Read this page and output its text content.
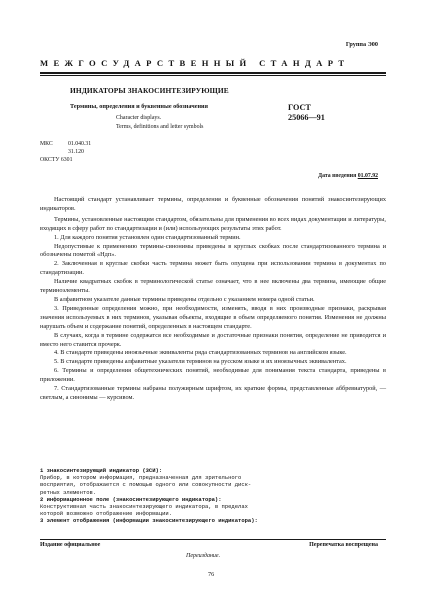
Группа Э00
МЕЖГОСУДАРСТВЕННЫЙ СТАНДАРТ
ИНДИКАТОРЫ ЗНАКОСИНТЕЗИРУЮЩИЕ
Термины, определения и буквенные обозначения
Character displays.
Terms, definitions and letter symbols
ГОСТ
25066—91
МКС	01.040.31
31.120
ОКСТУ 6301
Дата введения 01.07.92

Настоящий стандарт устанавливает термины, определения и буквенные обозначения понятий знакосинтезирующих индикаторов.

Термины, установленные настоящим стандартом, обязательны для применения во всех видах документации и литературы, входящих в сферу работ по стандартизации и (или) использующих результаты этих работ.

1. Для каждого понятия установлен один стандартизованный термин.

Недопустимые к применению термины-синонимы приведены в круглых скобках после стандартизованного термина и обозначены пометой «Ндп».

2. Заключенная в круглые скобки часть термина может быть опущена при использовании термина в документах по стандартизации.

Наличие квадратных скобок в терминологической статье означает, что в нее включены два термина, имеющие общие терминоэлементы.

В алфавитном указателе данные термины приведены отдельно с указанием номера одной статьи.

3. Приведенные определения можно, при необходимости, изменять, вводя в них производные признаки, раскрывая значения используемых в них терминов, указывая объекты, входящие в объем определяемого понятия. Изменения не должны нарушать объем и содержание понятий, определенных в настоящем стандарте.

В случаях, когда в термине содержатся все необходимые и достаточные признаки понятия, определение не приводится и вместо него ставится прочерк.

4. В стандарте приведены иноязычные эквиваленты ряда стандартизованных терминов на английском языке.

5. В стандарте приведены алфавитные указатели терминов на русском языке и их иноязычных эквивалентах.

6. Термины и определения общетехнических понятий, необходимые для понимания текста стандарта, приведены в приложении.

7. Стандартизованные термины набраны полужирным шрифтом, их краткие формы, представленные аббревиатурой, — светлым, а синонимы — курсивом.

1 знакосинтезирующий индикатор (ЗСИ):
Прибор, в котором информация, предназначенная для зрительного
восприятия, отображается с помощью одного или совокупности диск-
ретных элементов.
2 информационное поле (знакосинтезирующего индикатора):
Конструктивная часть знакосинтезирующего индикатора, в пределах
которой возможно отображение информации.
3 элемент отображения (информации знакосинтезирующего индикатора):
Издание официальное	Перепечатка воспрещена
Переиздание.
76
